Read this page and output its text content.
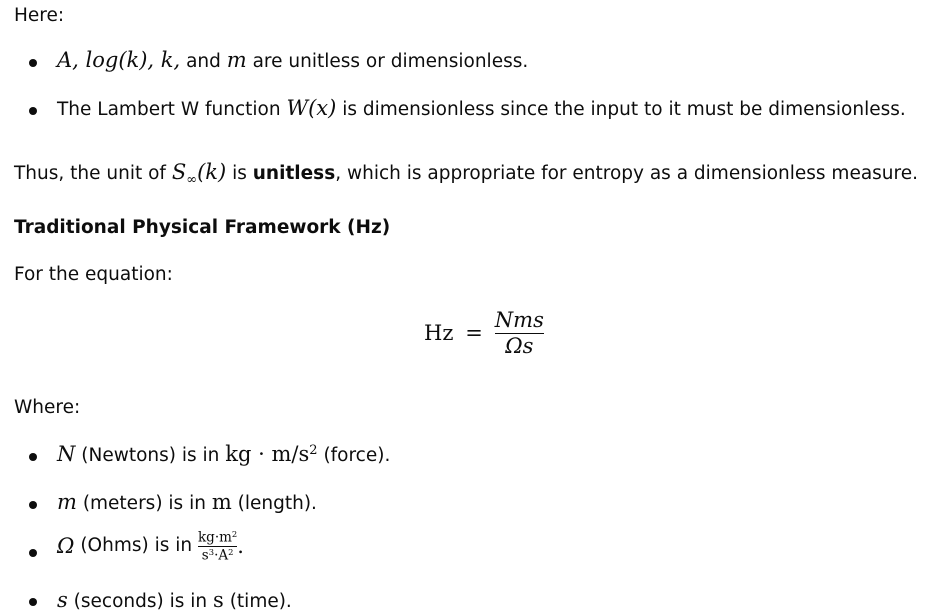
Here:
A, log(k), k, and m are unitless or dimensionless.
The Lambert W function W(x) is dimensionless since the input to it must be dimensionless.
Thus, the unit of $S_\infty(k)$ is unitless, which is appropriate for entropy as a dimensionless measure.
Traditional Physical Framework (Hz)
For the equation:
$Hz = \frac{\text{Nms}}{\Omega s}$
Where:
N (Newtons) is in kg · $m/s^2$ (force).
m (meters) is in m (length).
Ω (Ohms) is in $\frac{kg\cdot m^2}{s^3\cdot A^2}$ .
s (seconds) is in s (time).
